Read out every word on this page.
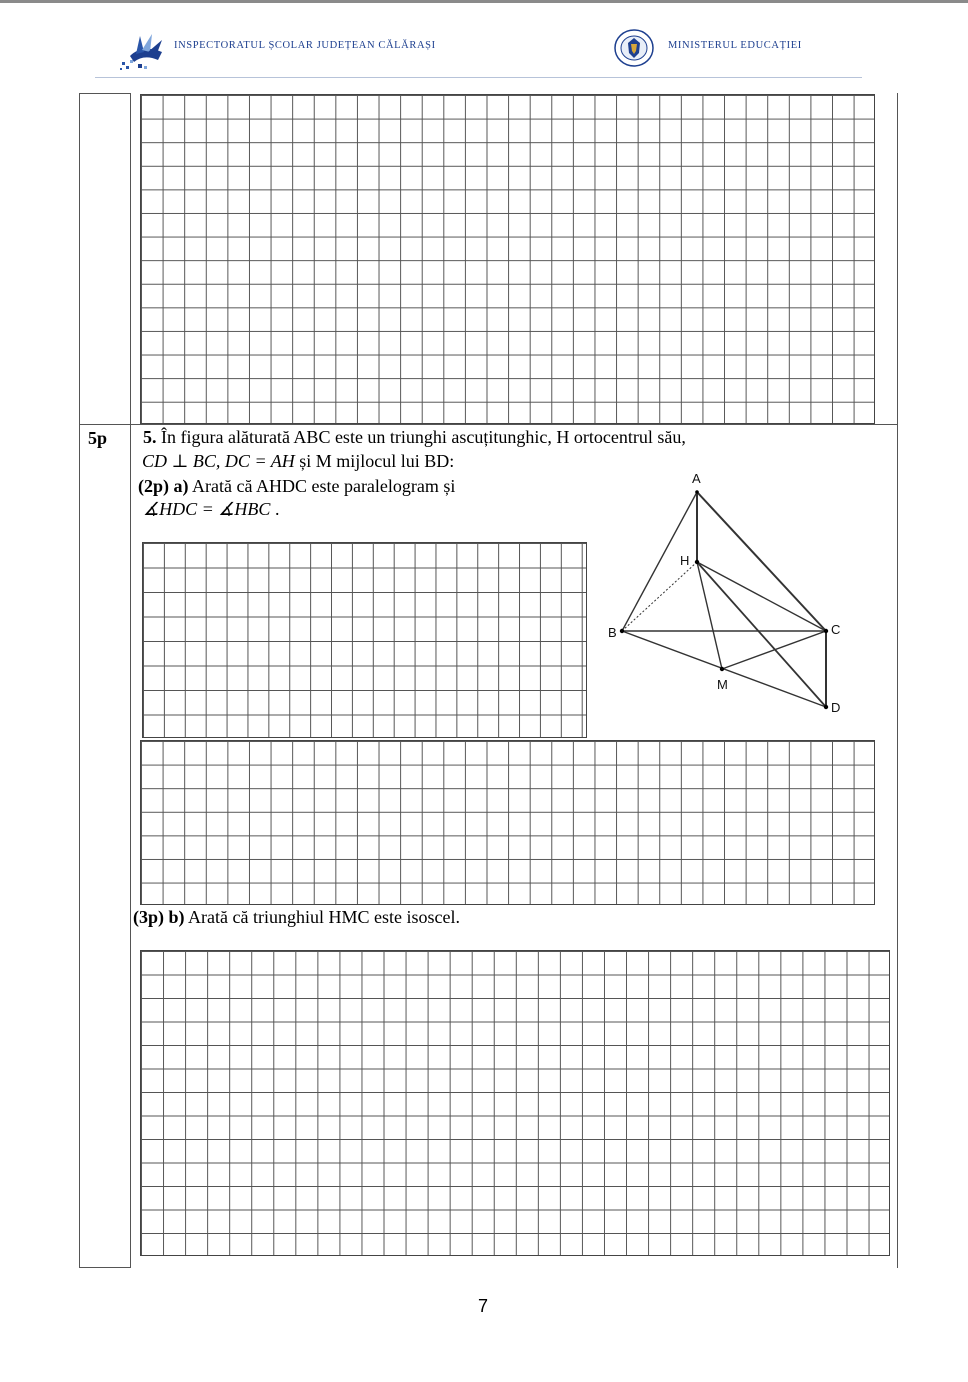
INSPECTORATUL ȘCOLAR JUDEȚEAN CĂLĂRAȘI	MINISTERUL EDUCAȚIEI
5p 5. În figura alăturată ABC este un triunghi ascuțitunghic, H ortocentrul său,
CD ⊥ BC, DC = AH și M mijlocul lui BD:
(2p) a) Arată că AHDC este paralelogram și
∡HDC = ∡HBC .
(3p) b) Arată că triunghiul HMC este isoscel.
A
H
B	C
M
D
7
